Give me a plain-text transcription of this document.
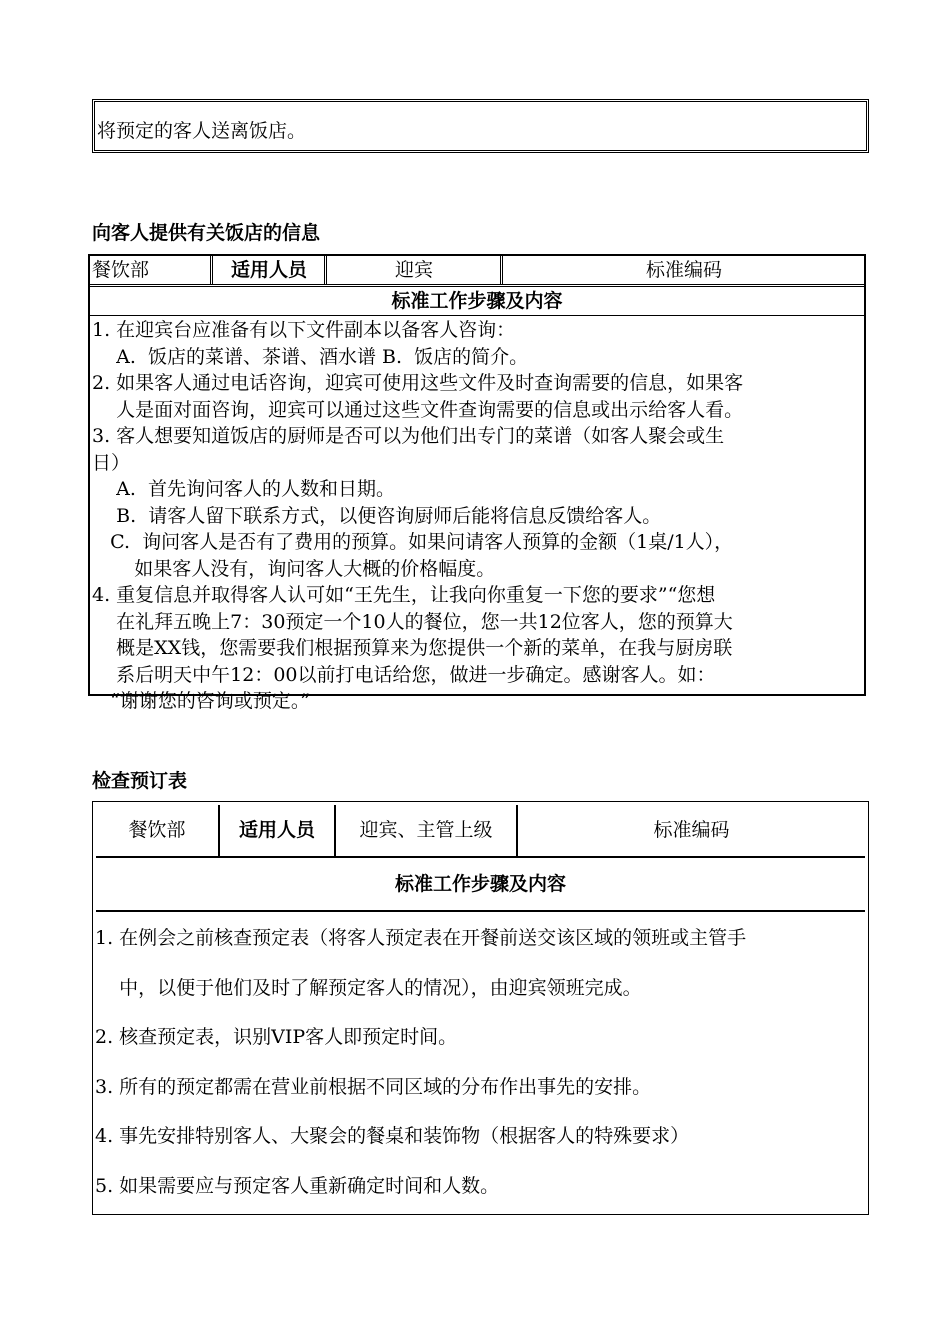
将预定的客人送离饭店。
向客人提供有关饭店的信息
餐饮部	适用人员	迎宾	标准编码
标准工作步骤及内容
1. 在迎宾台应准备有以下文件副本以备客人咨询：
A.  饭店的菜谱、茶谱、酒水谱 B.  饭店的简介。
2. 如果客人通过电话咨询，迎宾可使用这些文件及时查询需要的信息，如果客
人是面对面咨询，迎宾可以通过这些文件查询需要的信息或出示给客人看。
3. 客人想要知道饭店的厨师是否可以为他们出专门的菜谱（如客人聚会或生
日）
A.  首先询问客人的人数和日期。
B.  请客人留下联系方式，以便咨询厨师后能将信息反馈给客人。
C.  询问客人是否有了费用的预算。如果问请客人预算的金额（1桌/1人），
如果客人没有，询问客人大概的价格幅度。
4. 重复信息并取得客人认可如“王先生，让我向你重复一下您的要求”“您想
在礼拜五晚上7：30预定一个10人的餐位，您一共12位客人，您的预算大
概是XX钱，您需要我们根据预算来为您提供一个新的菜单，在我与厨房联
系后明天中午12：00以前打电话给您，做进一步确定。感谢客人。如：
“谢谢您的咨询或预定。”
检查预订表
餐饮部	适用人员	迎宾、主管上级	标准编码
标准工作步骤及内容
1. 在例会之前核查预定表（将客人预定表在开餐前送交该区域的领班或主管手
中，以便于他们及时了解预定客人的情况），由迎宾领班完成。
2. 核查预定表，识别VIP客人即预定时间。
3. 所有的预定都需在营业前根据不同区域的分布作出事先的安排。
4. 事先安排特别客人、大聚会的餐桌和装饰物（根据客人的特殊要求）
5. 如果需要应与预定客人重新确定时间和人数。
